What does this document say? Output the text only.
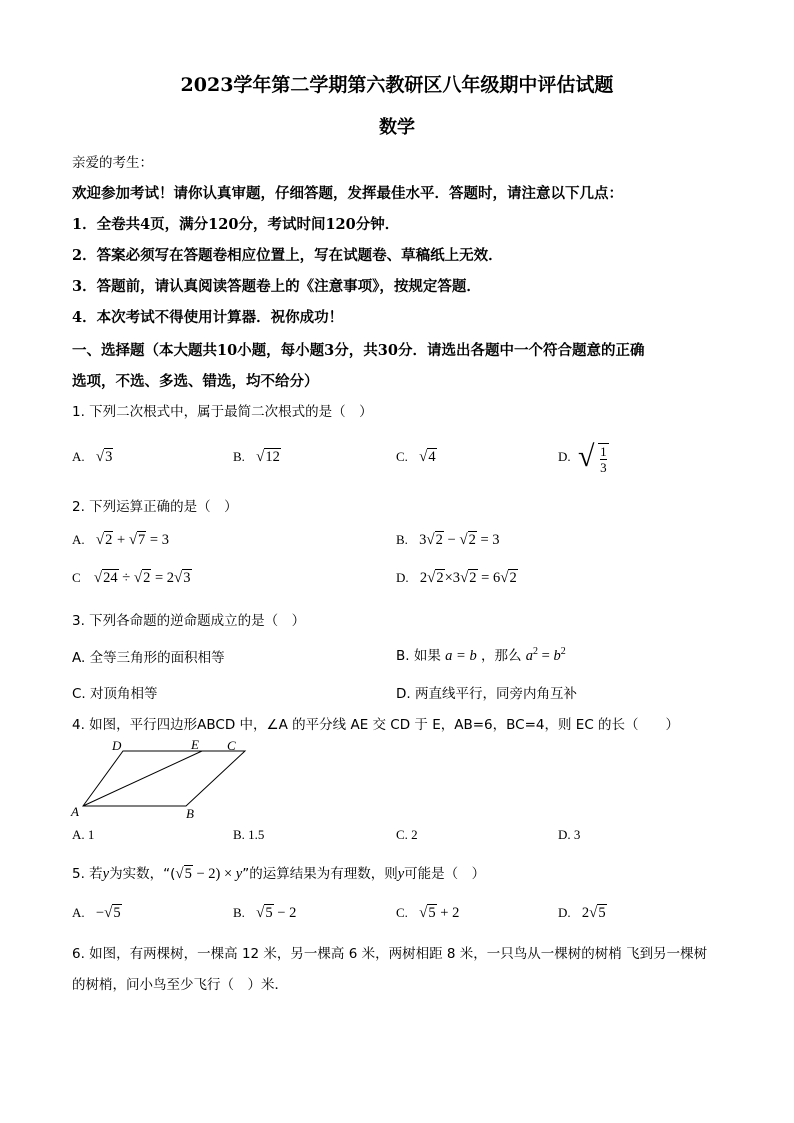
2023学年第二学期第六教研区八年级期中评估试题
数学
亲爱的考生：
欢迎参加考试！请你认真审题，仔细答题，发挥最佳水平．答题时，请注意以下几点：
1．全卷共4页，满分120分，考试时间120分钟．
2．答案必须写在答题卷相应位置上，写在试题卷、草稿纸上无效．
3．答题前，请认真阅读答题卷上的《注意事项》，按规定答题．
4．本次考试不得使用计算器．祝你成功！
一、选择题（本大题共10小题，每小题3分，共30分．请选出各题中一个符合题意的正确
选项，不选、多选、错选，均不给分）
1. 下列二次根式中，属于最简二次根式的是（　）
A. √3	B. √12	C. √4	D. √ $\frac{1}{3}$
2. 下列运算正确的是（　）
A. √2 + √7 = 3	B. 3√2 − √2 = 3
C √24 ÷ √2 = 2√3	D. 2√2×3√2 = 6√2
3. 下列各命题的逆命题成立的是（　）
A. 全等三角形的面积相等	B. 如果 a = b ，那么 $a^2 = b^2$
C. 对顶角相等	D. 两直线平行，同旁内角互补
4. 如图，平行四边形ABCD 中，∠A 的平分线 AE 交 CD 于 E，AB=6，BC=4，则 EC 的长（　　）
D	E C
A	B
A. 1	B. 1.5	C. 2	D. 3
5. 若y为实数，“(√5 − 2) × y”的运算结果为有理数，则y可能是（　）
A. −√5	B. √5 − 2	C. √5 + 2	D. 2√5
6. 如图，有两棵树，一棵高 12 米，另一棵高 6 米，两树相距 8 米，一只鸟从一棵树的树梢 飞到另一棵树
的树梢，问小鸟至少飞行（　）米．
